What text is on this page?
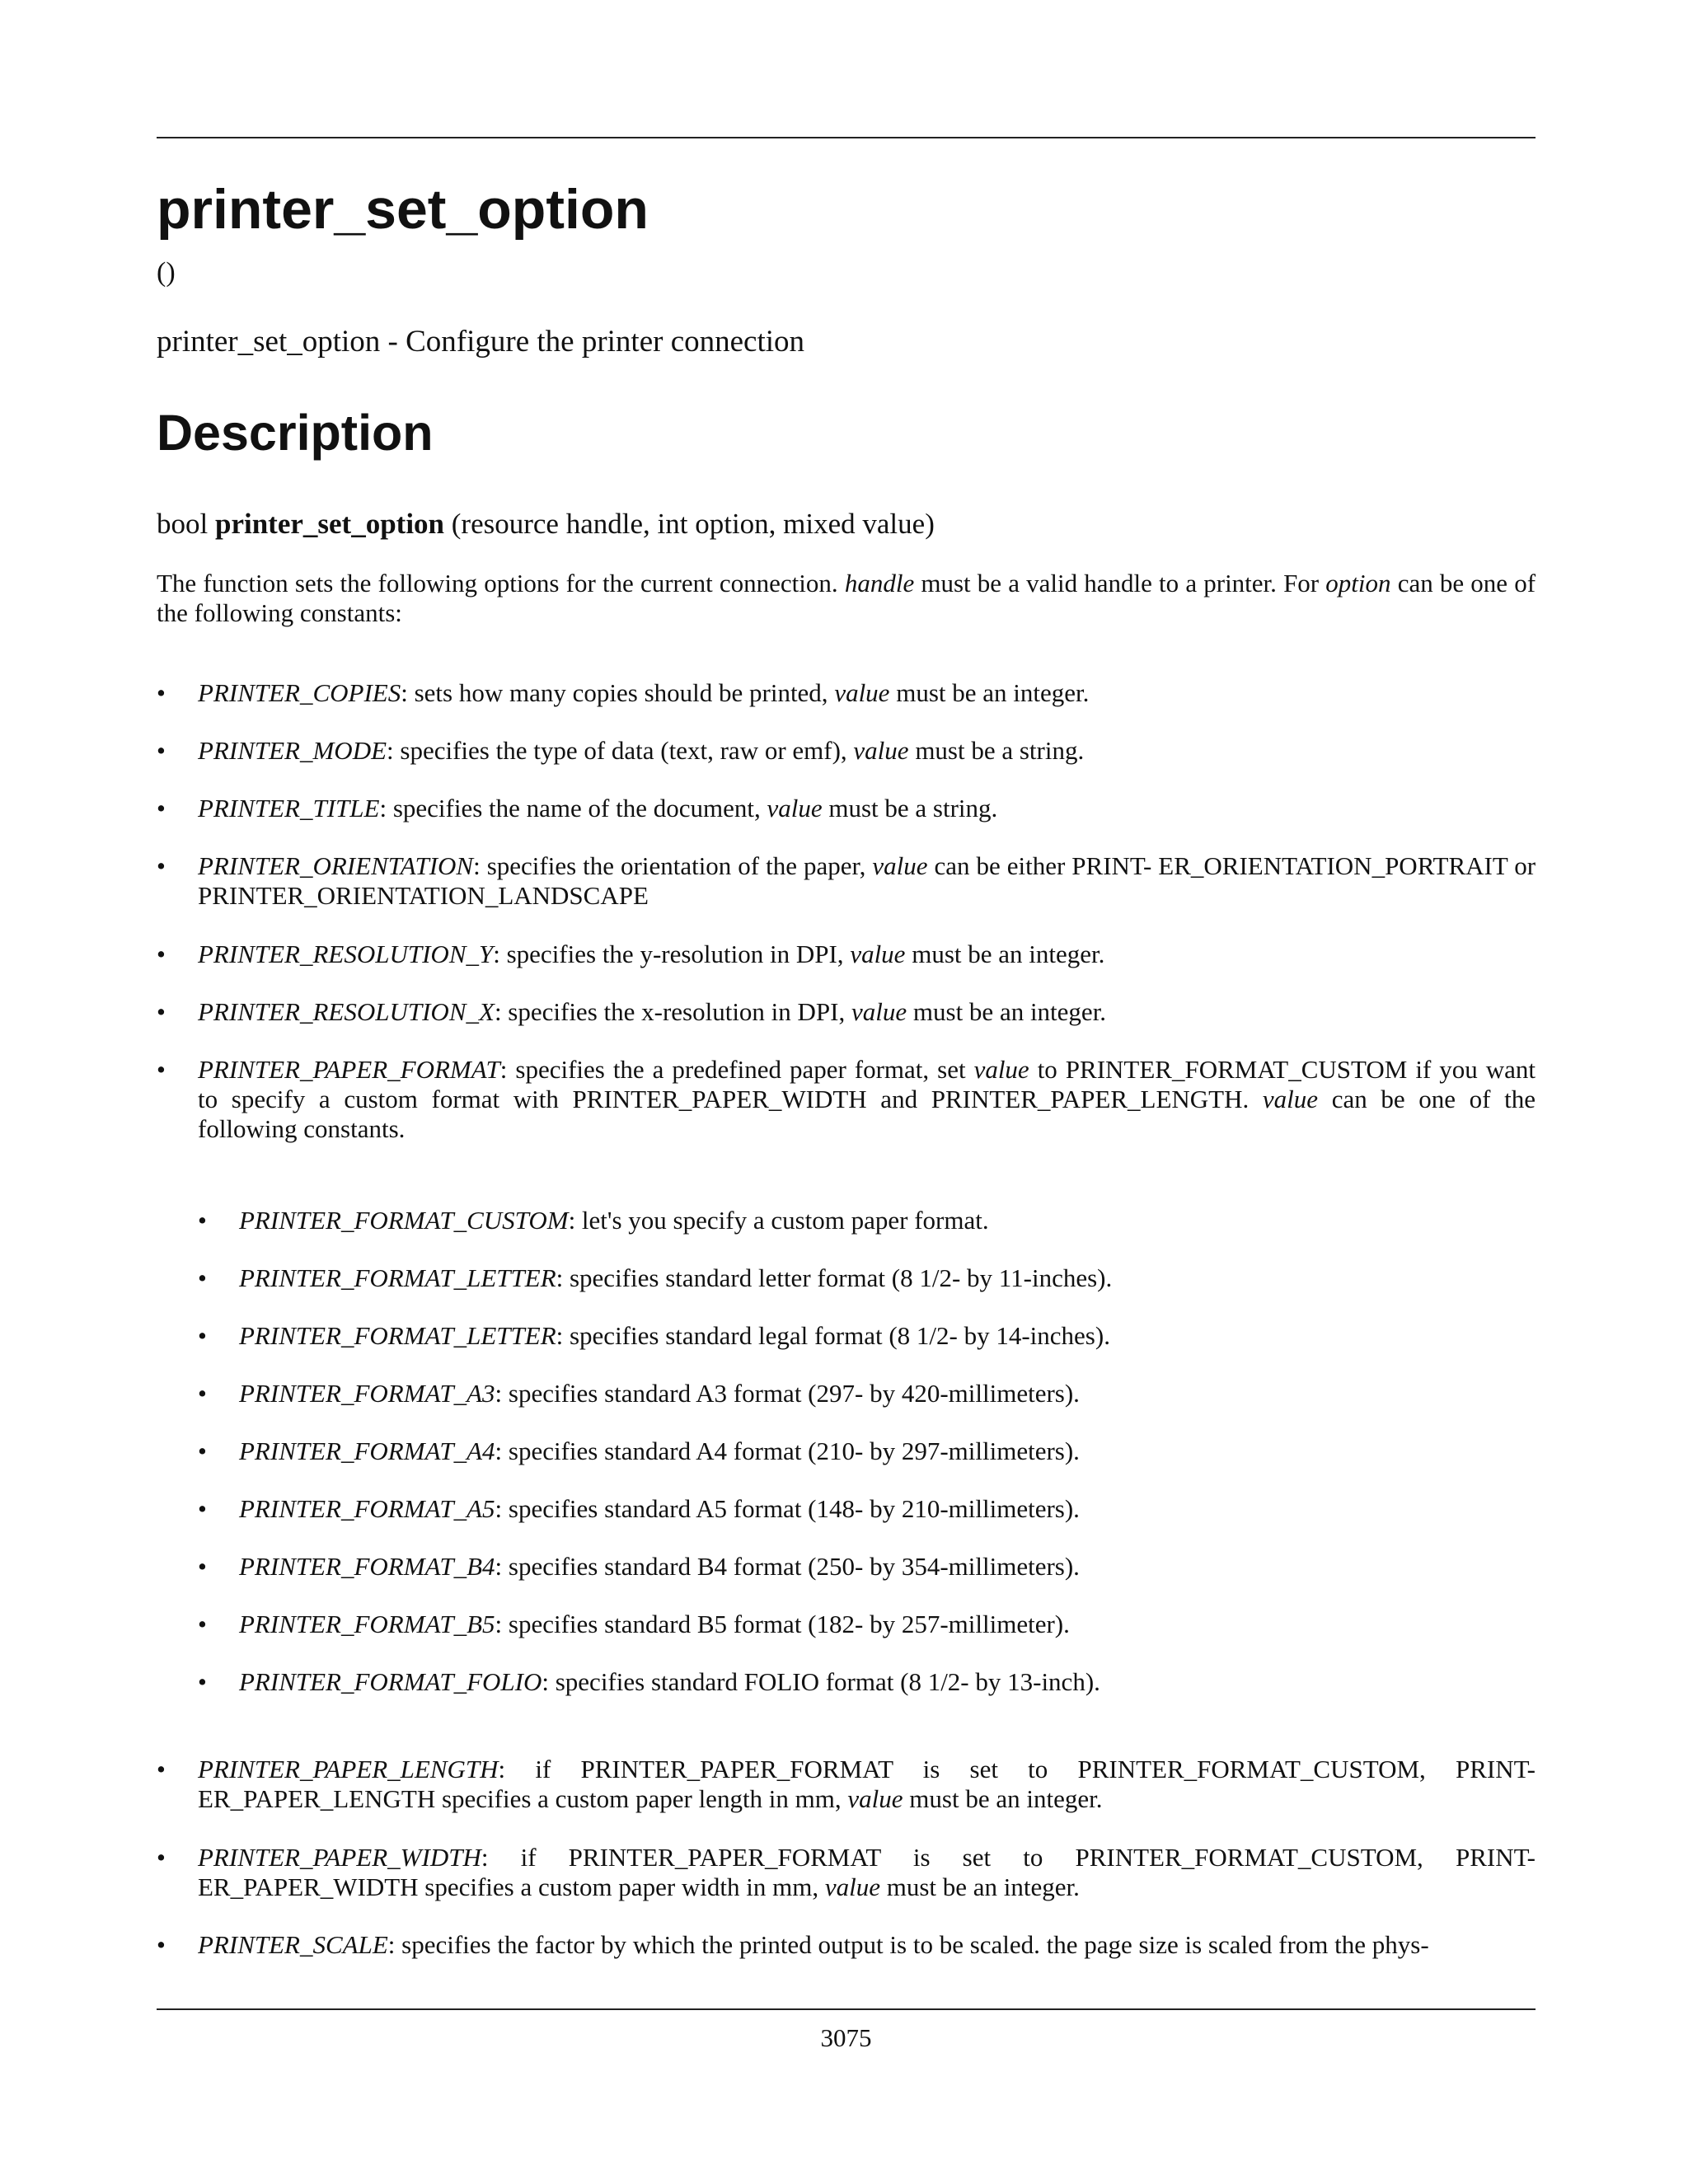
printer_set_option
()
printer_set_option - Configure the printer connection
Description
bool printer_set_option (resource handle, int option, mixed value)
The function sets the following options for the current connection. handle must be a valid handle to a printer. For option can be one of the following constants:
•	PRINTER_COPIES: sets how many copies should be printed, value must be an integer.
•	PRINTER_MODE: specifies the type of data (text, raw or emf), value must be a string.
•	PRINTER_TITLE: specifies the name of the document, value must be a string.
•	PRINTER_ORIENTATION: specifies the orientation of the paper, value can be either PRINT- ER_ORIENTATION_PORTRAIT or PRINTER_ORIENTATION_LANDSCAPE
•	PRINTER_RESOLUTION_Y: specifies the y-resolution in DPI, value must be an integer.
•	PRINTER_RESOLUTION_X: specifies the x-resolution in DPI, value must be an integer.
•	PRINTER_PAPER_FORMAT: specifies the a predefined paper format, set value to PRINTER_FORMAT_CUSTOM if you want to specify a custom format with PRINTER_PAPER_WIDTH and PRINTER_PAPER_LENGTH. value can be one of the following constants.
•	PRINTER_FORMAT_CUSTOM: let's you specify a custom paper format.
•	PRINTER_FORMAT_LETTER: specifies standard letter format (8 1/2- by 11-inches).
•	PRINTER_FORMAT_LETTER: specifies standard legal format (8 1/2- by 14-inches).
•	PRINTER_FORMAT_A3: specifies standard A3 format (297- by 420-millimeters).
•	PRINTER_FORMAT_A4: specifies standard A4 format (210- by 297-millimeters).
•	PRINTER_FORMAT_A5: specifies standard A5 format (148- by 210-millimeters).
•	PRINTER_FORMAT_B4: specifies standard B4 format (250- by 354-millimeters).
•	PRINTER_FORMAT_B5: specifies standard B5 format (182- by 257-millimeter).
•	PRINTER_FORMAT_FOLIO: specifies standard FOLIO format (8 1/2- by 13-inch).
•	PRINTER_PAPER_LENGTH: if PRINTER_PAPER_FORMAT is set to PRINTER_FORMAT_CUSTOM, PRINT- ER_PAPER_LENGTH specifies a custom paper length in mm, value must be an integer.
•	PRINTER_PAPER_WIDTH: if PRINTER_PAPER_FORMAT is set to PRINTER_FORMAT_CUSTOM, PRINT- ER_PAPER_WIDTH specifies a custom paper width in mm, value must be an integer.
•	PRINTER_SCALE: specifies the factor by which the printed output is to be scaled. the page size is scaled from the phys-
3075
